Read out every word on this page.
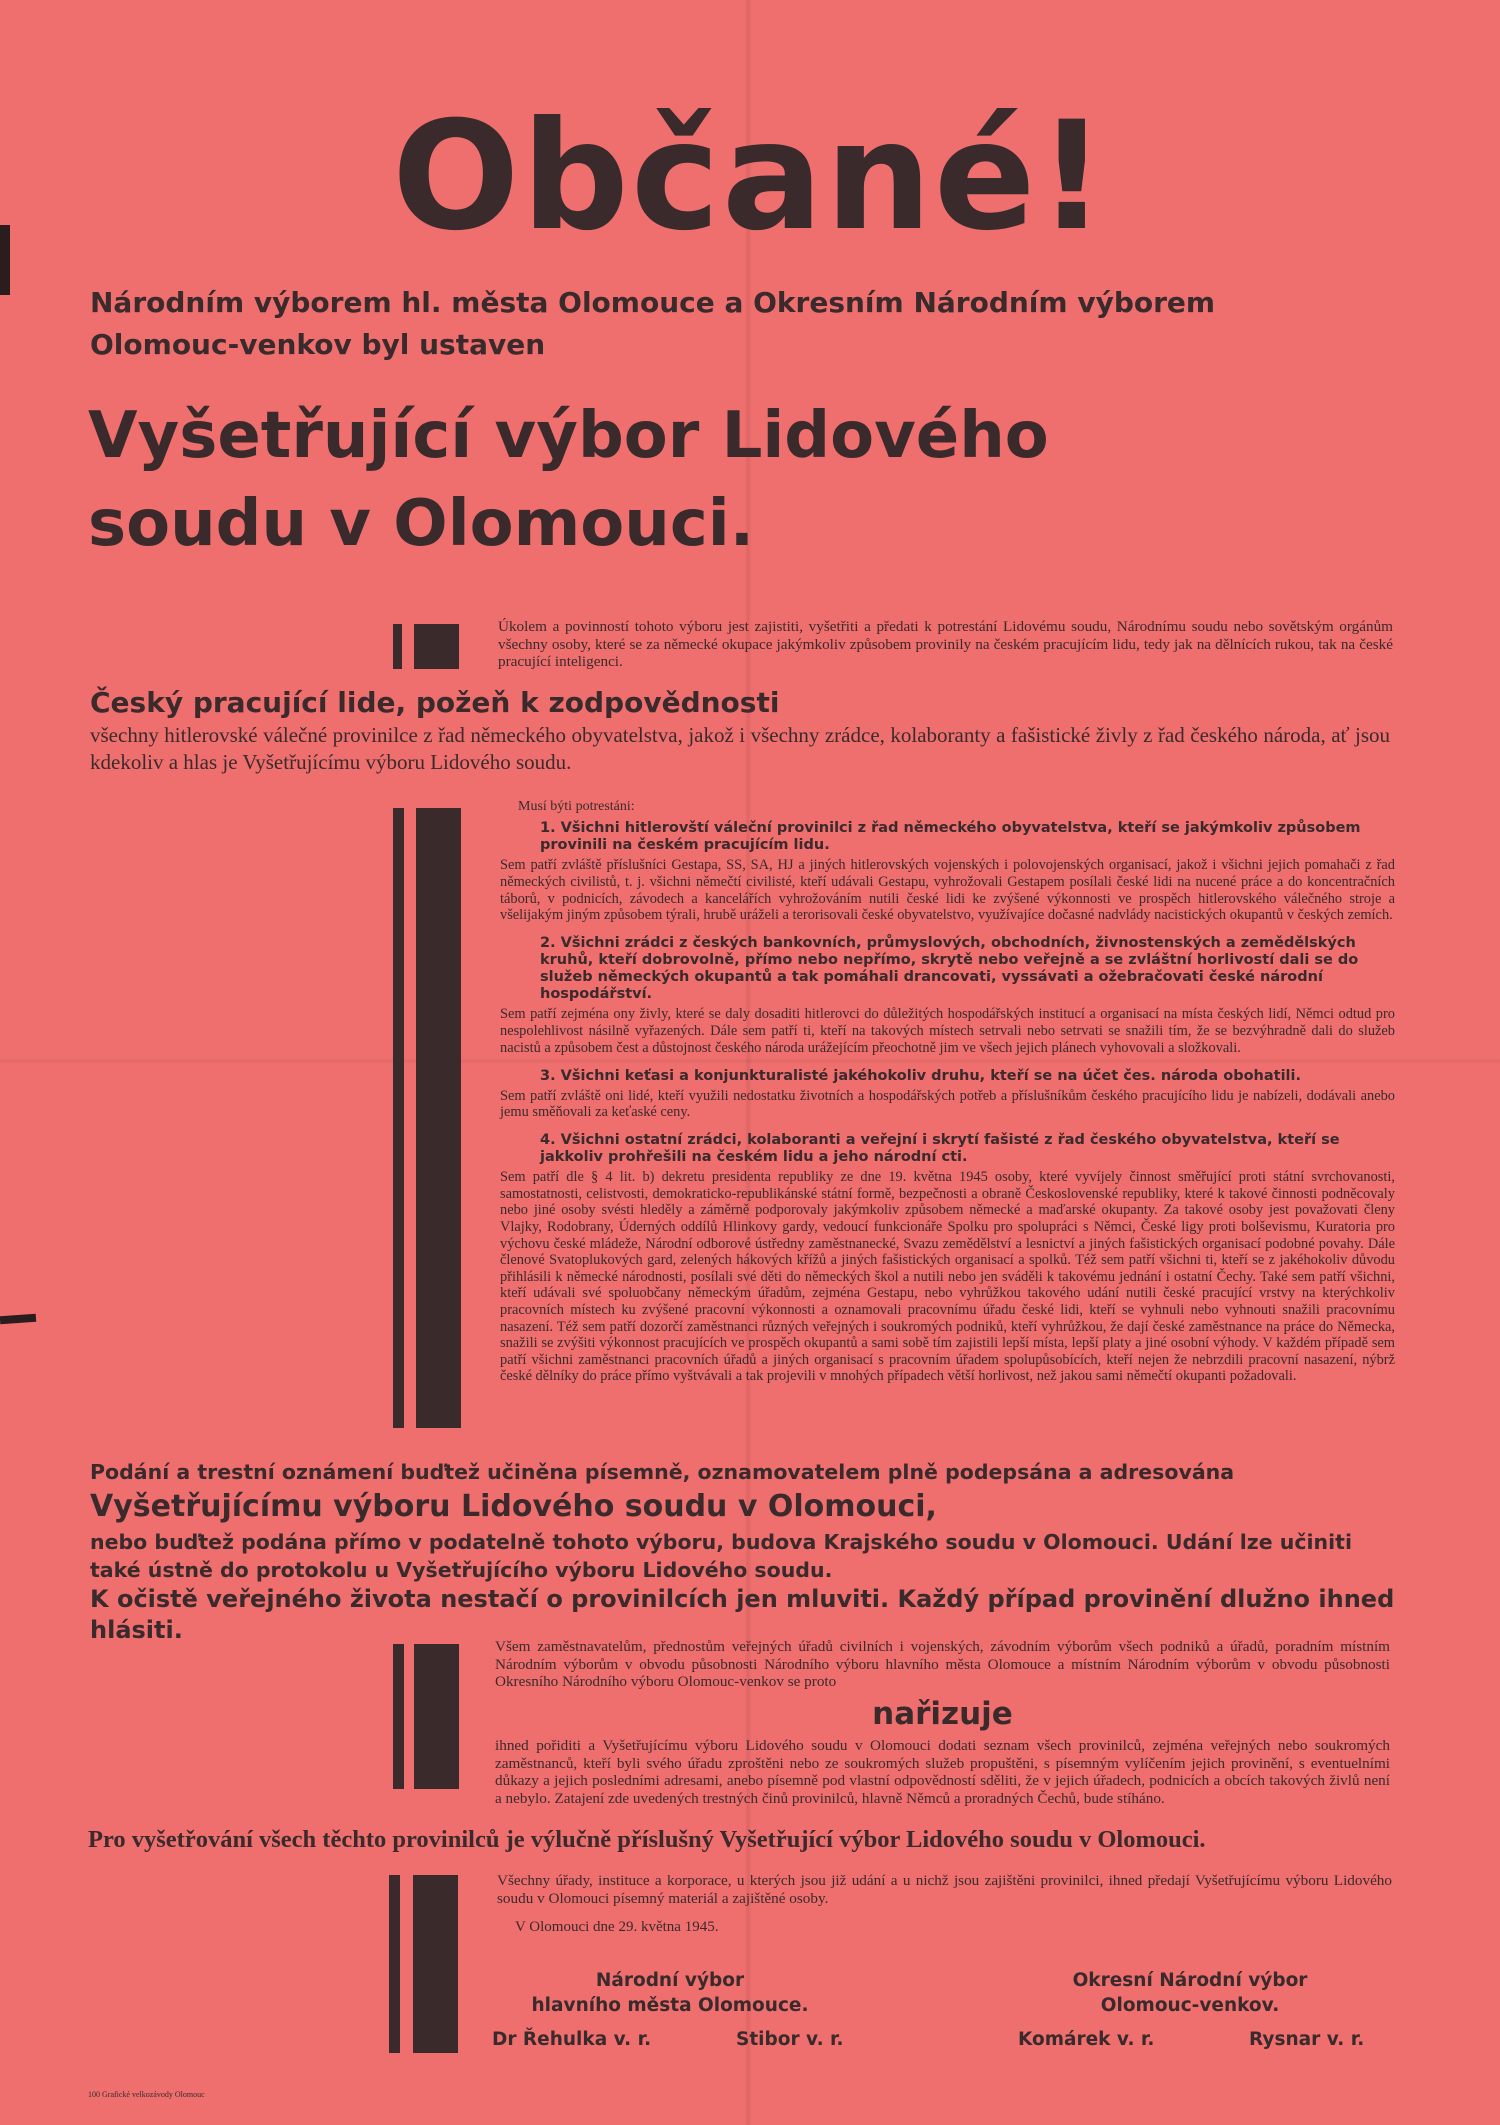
Občané!
Národním výborem hl. města Olomouce a Okresním Národním výborem
Olomouc-venkov byl ustaven
Vyšetřující výbor Lidového
soudu v Olomouci.
Úkolem a povinností tohoto výboru jest zajistiti, vyšetřiti a předati k potrestání Lidovému soudu, Národnímu soudu nebo sovětským orgánům všechny osoby, které se za německé okupace jakýmkoliv způsobem provinily na českém pracujícím lidu, tedy jak na dělnících rukou, tak na české pracující inteligenci.
Český pracující lide, požeň k zodpovědnosti
všechny hitlerovské válečné provinilce z řad německého obyvatelstva, jakož i všechny zrádce, kolaboranty a fašistické živly z řad českého národa, ať jsou kdekoliv a hlas je Vyšetřujícímu výboru Lidového soudu.
Musí býti potrestáni:

1. Všichni hitlerovští váleční provinilci z řad německého obyvatelstva, kteří se jakýmkoliv způsobem provinili na českém pracujícím lidu.

Sem patří zvláště příslušníci Gestapa, SS, SA, HJ a jiných hitlerovských vojenských i polovojenských organisací, jakož i všichni jejich pomahači z řad německých civilistů, t. j. všichni němečtí civilisté, kteří udávali Gestapu, vyhrožovali Gestapem posílali české lidi na nucené práce a do koncentračních táborů, v podnicích, závodech a kancelářích vyhrožováním nutili české lidi ke zvýšené výkonnosti ve prospěch hitlerovského válečného stroje a všelijakým jiným způsobem týrali, hrubě uráželi a terorisovali české obyvatelstvo, využívajíce dočasné nadvlády nacistických okupantů v českých zemích.

2. Všichni zrádci z českých bankovních, průmyslových, obchodních, živnostenských a zemědělských kruhů, kteří dobrovolně, přímo nebo nepřímo, skrytě nebo veřejně a se zvláštní horlivostí dali se do služeb německých okupantů a tak pomáhali drancovati, vyssávati a ožebračovati české národní hospodářství.

Sem patří zejména ony živly, které se daly dosaditi hitlerovci do důležitých hospodářských institucí a organisací na místa českých lidí, Němci odtud pro nespolehlivost násilně vyřazených. Dále sem patří ti, kteří na takových místech setrvali nebo setrvati se snažili tím, že se bezvýhradně dali do služeb nacistů a způsobem čest a důstojnost českého národa urážejícím přeochotně jim ve všech jejich plánech vyhovovali a složkovali.

3. Všichni keťasi a konjunkturalisté jakéhokoliv druhu, kteří se na účet čes. národa obohatili.

Sem patří zvláště oni lidé, kteří využili nedostatku životních a hospodářských potřeb a příslušníkům českého pracujícího lidu je nabízeli, dodávali anebo jemu směňovali za keťaské ceny.

4. Všichni ostatní zrádci, kolaboranti a veřejní i skrytí fašisté z řad českého obyvatelstva, kteří se jakkoliv prohřešili na českém lidu a jeho národní cti.

Sem patří dle § 4 lit. b) dekretu presidenta republiky ze dne 19. května 1945 osoby, které vyvíjely činnost směřující proti státní svrchovanosti, samostatnosti, celistvosti, demokraticko-republikánské státní formě, bezpečnosti a obraně Československé republiky, které k takové činnosti podněcovaly nebo jiné osoby svésti hleděly a záměrně podporovaly jakýmkoliv způsobem německé a maďarské okupanty. Za takové osoby jest považovati členy Vlajky, Rodobrany, Úderných oddílů Hlinkovy gardy, vedoucí funkcionáře Spolku pro spolupráci s Němci, České ligy proti bolševismu, Kuratoria pro výchovu české mládeže, Národní odborové ústředny zaměstnanecké, Svazu zemědělství a lesnictví a jiných fašistických organisací podobné povahy. Dále členové Svatoplukových gard, zelených hákových křížů a jiných fašistických organisací a spolků. Též sem patří všichni ti, kteří se z jakéhokoliv důvodu přihlásili k německé národnosti, posílali své děti do německých škol a nutili nebo jen sváděli k takovému jednání i ostatní Čechy. Také sem patří všichni, kteří udávali své spoluobčany německým úřadům, zejména Gestapu, nebo vyhrůžkou takového udání nutili české pracující vrstvy na kterýchkoliv pracovních místech ku zvýšené pracovní výkonnosti a oznamovali pracovnímu úřadu české lidi, kteří se vyhnuli nebo vyhnouti snažili pracovnímu nasazení. Též sem patří dozorčí zaměstnanci různých veřejných i soukromých podniků, kteří vyhrůžkou, že dají české zaměstnance na práce do Německa, snažili se zvýšiti výkonnost pracujících ve prospěch okupantů a sami sobě tím zajistili lepší místa, lepší platy a jiné osobní výhody. V každém případě sem patří všichni zaměstnanci pracovních úřadů a jiných organisací s pracovním úřadem spolupůsobících, kteří nejen že nebrzdili pracovní nasazení, nýbrž české dělníky do práce přímo vyštvávali a tak projevili v mnohých případech větší horlivost, než jakou sami němečtí okupanti požadovali.

Podání a trestní oznámení buďtež učiněna písemně, oznamovatelem plně podepsána a adresována
Vyšetřujícímu výboru Lidového soudu v Olomouci,
nebo buďtež podána přímo v podatelně tohoto výboru, budova Krajského soudu v Olomouci. Udání lze učiniti také ústně do protokolu u Vyšetřujícího výboru Lidového soudu.
K očistě veřejného života nestačí o provinilcích jen mluviti. Každý případ provinění dlužno ihned hlásiti.
Všem zaměstnavatelům, přednostům veřejných úřadů civilních i vojenských, závodním výborům všech podniků a úřadů, poradním místním Národním výborům v obvodu působnosti Národního výboru hlavního města Olomouce a místním Národním výborům v obvodu působnosti Okresního Národního výboru Olomouc-venkov se proto
nařizuje
ihned pořiditi a Vyšetřujícímu výboru Lidového soudu v Olomouci dodati seznam všech provinilců, zejména veřejných nebo soukromých zaměstnanců, kteří byli svého úřadu zproštěni nebo ze soukromých služeb propuštěni, s písemným vylíčením jejich provinění, s eventuelními důkazy a jejich posledními adresami, anebo písemně pod vlastní odpovědností sděliti, že v jejich úřadech, podnicích a obcích takových živlů není a nebylo. Zatajení zde uvedených trestných činů provinilců, hlavně Němců a proradných Čechů, bude stíháno.
Pro vyšetřování všech těchto provinilců je výlučně příslušný Vyšetřující výbor Lidového soudu v Olomouci.
Všechny úřady, instituce a korporace, u kterých jsou již udání a u nichž jsou zajištěni provinilci, ihned předají Vyšetřujícímu výboru Lidového soudu v Olomouci písemný materiál a zajištěné osoby.
V Olomouci dne 29. května 1945.
Národní výbor
hlavního města Olomouce.
Okresní Národní výbor
Olomouc-venkov.
Dr Řehulka v. r.	Stibor v. r.	Komárek v. r.	Rysnar v. r.
100 Grafické velkozávody Olomouc
